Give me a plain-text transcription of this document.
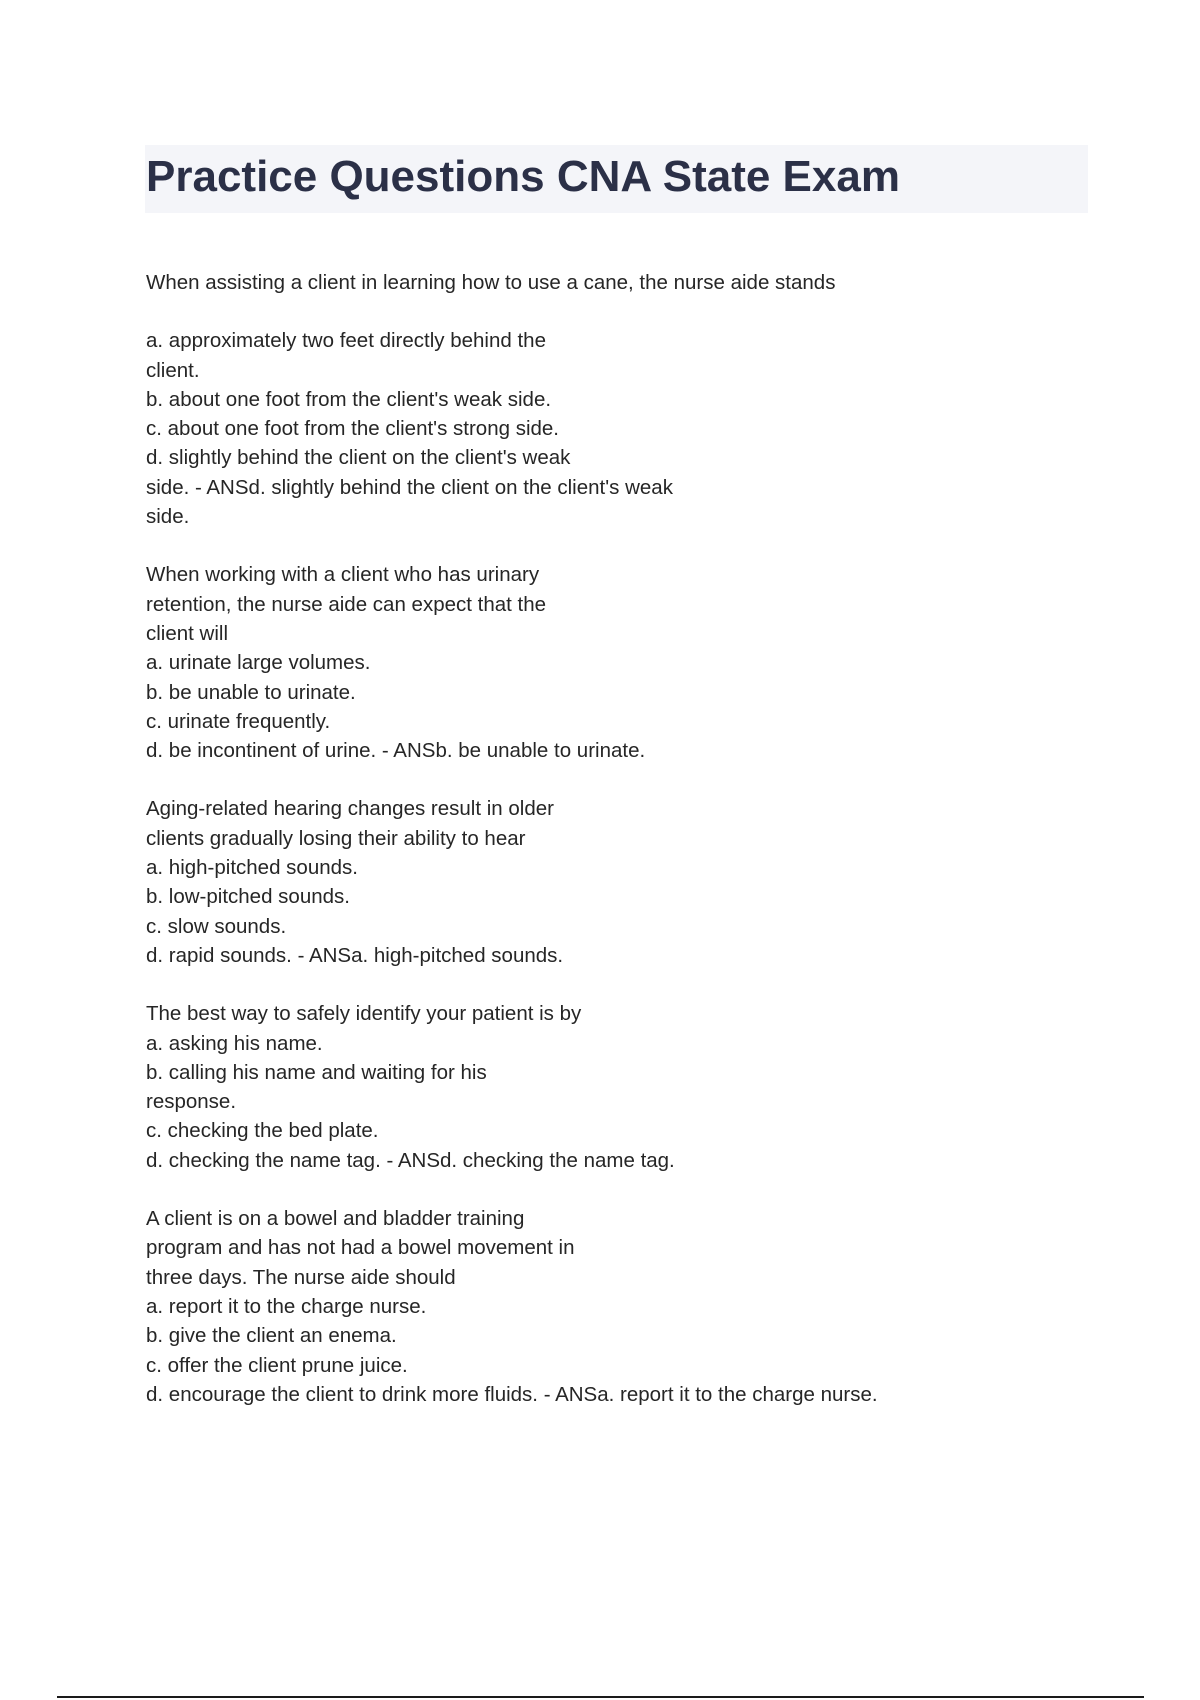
Practice Questions CNA State Exam

When assisting a client in learning how to use a cane, the nurse aide stands

a. approximately two feet directly behind the

client.

b. about one foot from the client's weak side.

c. about one foot from the client's strong side.

d. slightly behind the client on the client's weak

side. - ANSd. slightly behind the client on the client's weak

side.

When working with a client who has urinary

retention, the nurse aide can expect that the

client will

a. urinate large volumes.

b. be unable to urinate.

c. urinate frequently.

d. be incontinent of urine. - ANSb. be unable to urinate.

Aging-related hearing changes result in older

clients gradually losing their ability to hear

a. high-pitched sounds.

b. low-pitched sounds.

c. slow sounds.

d. rapid sounds. - ANSa. high-pitched sounds.

The best way to safely identify your patient is by

a. asking his name.

b. calling his name and waiting for his

response.

c. checking the bed plate.

d. checking the name tag. - ANSd. checking the name tag.

A client is on a bowel and bladder training

program and has not had a bowel movement in

three days. The nurse aide should

a. report it to the charge nurse.

b. give the client an enema.

c. offer the client prune juice.

d. encourage the client to drink more fluids. - ANSa. report it to the charge nurse.
